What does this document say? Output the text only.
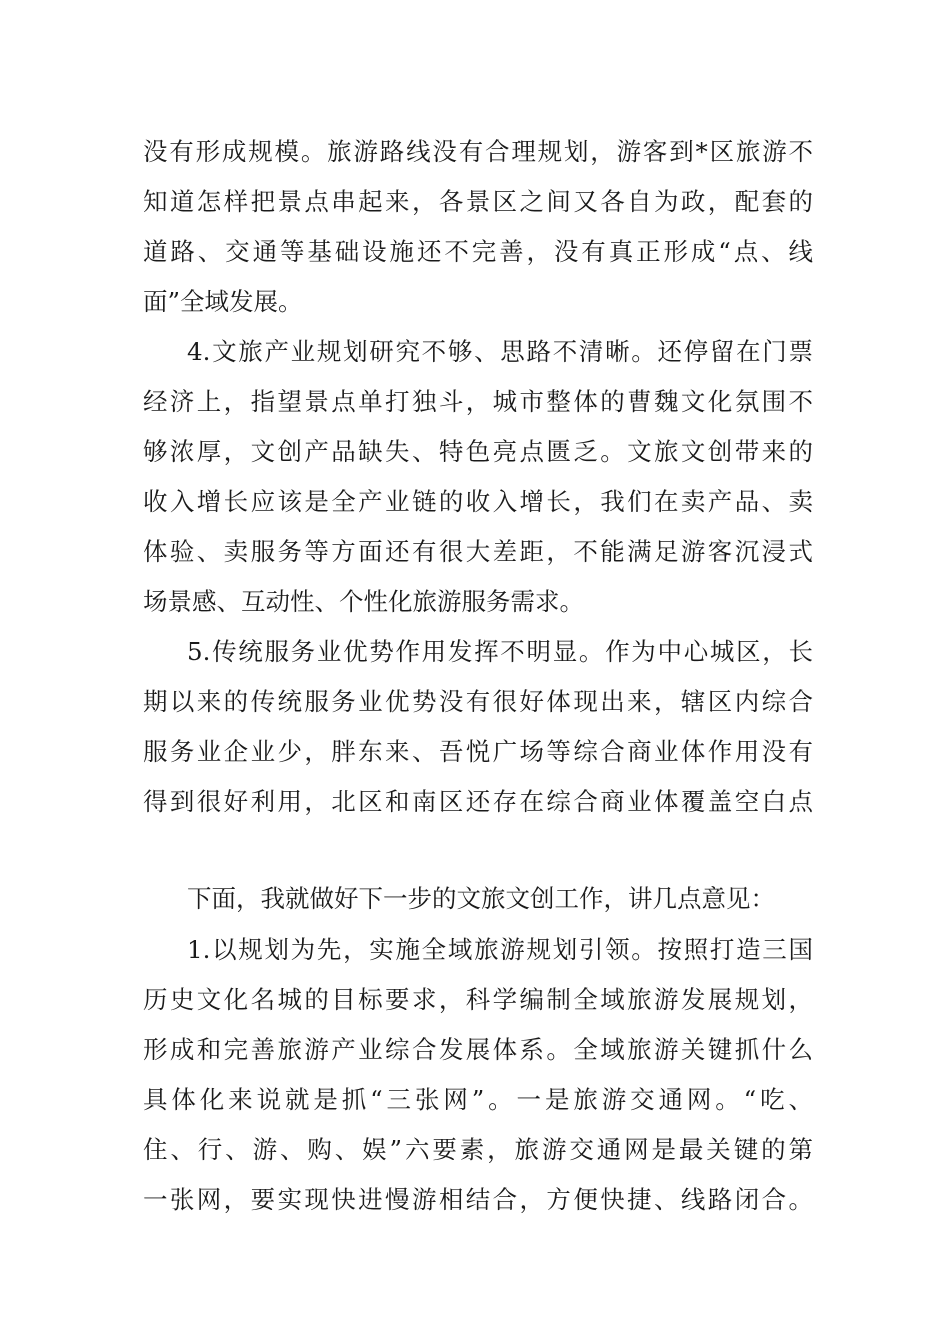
没有形成规模。旅游路线没有合理规划，游客到*区旅游不
知道怎样把景点串起来，各景区之间又各自为政，配套的
道路、交通等基础设施还不完善，没有真正形成“点、线
面”全域发展。
4.文旅产业规划研究不够、思路不清晰。还停留在门票
经济上，指望景点单打独斗，城市整体的曹魏文化氛围不
够浓厚，文创产品缺失、特色亮点匮乏。文旅文创带来的
收入增长应该是全产业链的收入增长，我们在卖产品、卖
体验、卖服务等方面还有很大差距，不能满足游客沉浸式
场景感、互动性、个性化旅游服务需求。
5.传统服务业优势作用发挥不明显。作为中心城区，长
期以来的传统服务业优势没有很好体现出来，辖区内综合
服务业企业少，胖东来、吾悦广场等综合商业体作用没有
得到很好利用，北区和南区还存在综合商业体覆盖空白点
下面，我就做好下一步的文旅文创工作，讲几点意见：
1.以规划为先，实施全域旅游规划引领。按照打造三国
历史文化名城的目标要求，科学编制全域旅游发展规划，
形成和完善旅游产业综合发展体系。全域旅游关键抓什么
具体化来说就是抓“三张网”。一是旅游交通网。“吃、
住、行、游、购、娱”六要素，旅游交通网是最关键的第
一张网，要实现快进慢游相结合，方便快捷、线路闭合。
